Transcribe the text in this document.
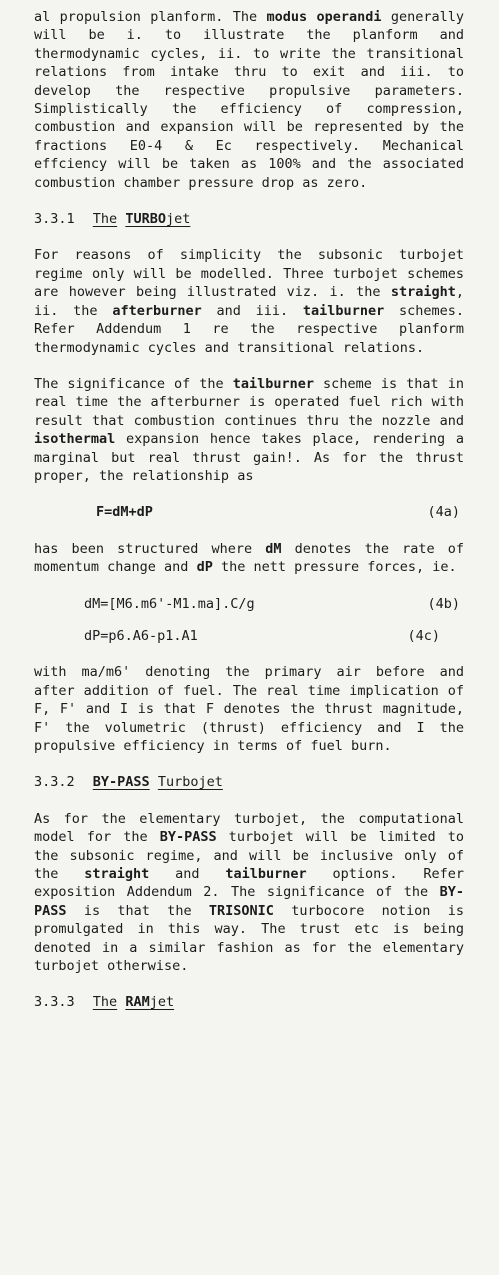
al propulsion planform. The modus operandi generally will be i. to illustrate the planform and thermodynamic cycles, ii. to write the transitional relations from intake thru to exit and iii. to develop the respective propulsive parameters. Simplistically the efficiency of compression, combustion and expansion will be represented by the fractions E0-4 & Ec respectively. Mechanical effciency will be taken as 100% and the associated combustion chamber pressure drop as zero.

3.3.1 The TURBOjet

For reasons of simplicity the subsonic turbojet regime only will be modelled. Three turbojet schemes are however being illustrated viz. i. the straight, ii. the afterburner and iii. tailburner schemes. Refer Addendum 1 re the respective planform thermodynamic cycles and transitional relations.

The significance of the tailburner scheme is that in real time the afterburner is operated fuel rich with result that combustion continues thru the nozzle and isothermal expansion hence takes place, rendering a marginal but real thrust gain!. As for the thrust proper, the relationship as

F=dM+dP	(4a)

has been structured where dM denotes the rate of momentum change and dP the nett pressure forces, ie.

dM=[M6.m6'-M1.ma].C/g	(4b)
dP=p6.A6-p1.A1	(4c)

with ma/m6' denoting the primary air before and after addition of fuel. The real time implication of F, F' and I is that F denotes the thrust magnitude, F' the volumetric (thrust) efficiency and I the propulsive efficiency in terms of fuel burn.

3.3.2 BY-PASS Turbojet

As for the elementary turbojet, the computational model for the BY-PASS turbojet will be limited to the subsonic regime, and will be inclusive only of the straight and tailburner options. Refer exposition Addendum 2. The significance of the BY-PASS is that the TRISONIC turbocore notion is promulgated in this way. The trust etc is being denoted in a similar fashion as for the elementary turbojet otherwise.

3.3.3 The RAMjet
